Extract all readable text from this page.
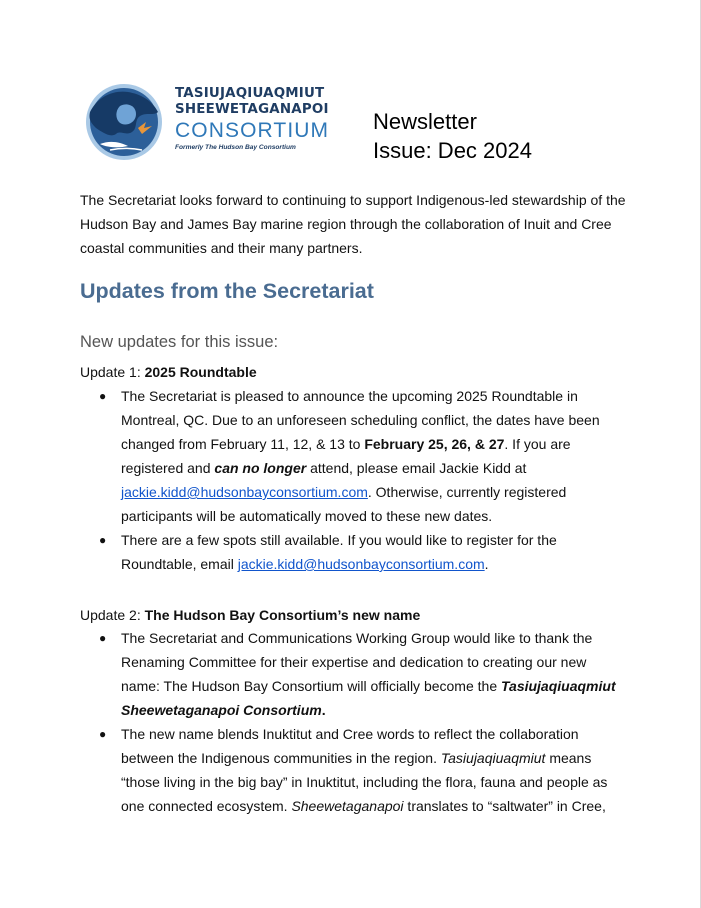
TASIUJAQIUAQMIUT
SHEEWETAGANAPOI
CONSORTIUM
Formerly The Hudson Bay Consortium
Newsletter
Issue: Dec 2024
The Secretariat looks forward to continuing to support Indigenous-led stewardship of the Hudson Bay and James Bay marine region through the collaboration of Inuit and Cree coastal communities and their many partners.
Updates from the Secretariat
New updates for this issue:
Update 1: 2025 Roundtable
● The Secretariat is pleased to announce the upcoming 2025 Roundtable in Montreal, QC. Due to an unforeseen scheduling conflict, the dates have been changed from February 11, 12, & 13 to February 25, 26, & 27. If you are registered and can no longer attend, please email Jackie Kidd at jackie.kidd@hudsonbayconsortium.com. Otherwise, currently registered participants will be automatically moved to these new dates.
● There are a few spots still available. If you would like to register for the Roundtable, email jackie.kidd@hudsonbayconsortium.com.
Update 2: The Hudson Bay Consortium’s new name
● The Secretariat and Communications Working Group would like to thank the Renaming Committee for their expertise and dedication to creating our new name: The Hudson Bay Consortium will officially become the Tasiujaqiuaqmiut Sheewetaganapoi Consortium.
● The new name blends Inuktitut and Cree words to reflect the collaboration between the Indigenous communities in the region. Tasiujaqiuaqmiut means “those living in the big bay” in Inuktitut, including the flora, fauna and people as one connected ecosystem. Sheewetaganapoi translates to “saltwater” in Cree,
